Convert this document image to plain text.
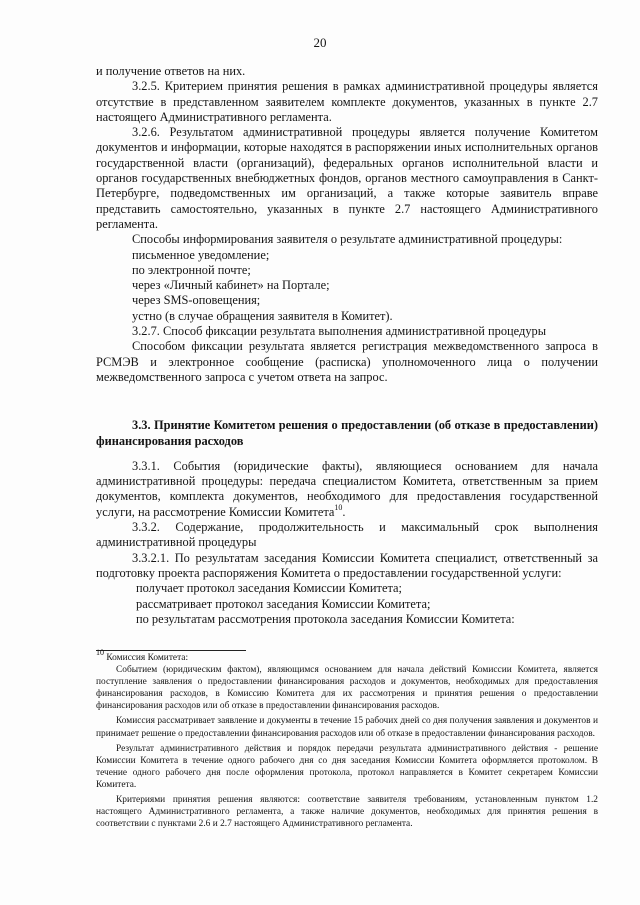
20

и получение ответов на них.

3.2.5. Критерием принятия решения в рамках административной процедуры является отсутствие в представленном заявителем комплекте документов, указанных в пункте 2.7 настоящего Административного регламента.

3.2.6. Результатом административной процедуры является получение Комитетом документов и информации, которые находятся в распоряжении иных исполнительных органов государственной власти (организаций), федеральных органов исполнительной власти и органов государственных внебюджетных фондов, органов местного самоуправления в Санкт-Петербурге, подведомственных им организаций, а также которые заявитель вправе представить самостоятельно, указанных в пункте 2.7 настоящего Административного регламента.

Способы информирования заявителя о результате административной процедуры:

письменное уведомление;

по электронной почте;

через «Личный кабинет» на Портале;

через SMS-оповещения;

устно (в случае обращения заявителя в Комитет).

3.2.7. Способ фиксации результата выполнения административной процедуры

Способом фиксации результата является регистрация межведомственного запроса в РСМЭВ и электронное сообщение (расписка) уполномоченного лица о получении межведомственного запроса с учетом ответа на запрос.

3.3. Принятие Комитетом решения о предоставлении (об отказе в предоставлении) финансирования расходов

3.3.1. События (юридические факты), являющиеся основанием для начала административной процедуры: передача специалистом Комитета, ответственным за прием документов, комплекта документов, необходимого для предоставления государственной услуги, на рассмотрение Комиссии Комитета$^{10}$.

3.3.2. Содержание, продолжительность и максимальный срок выполнения административной процедуры

3.3.2.1. По результатам заседания Комиссии Комитета специалист, ответственный за подготовку проекта распоряжения Комитета о предоставлении государственной услуги:

получает протокол заседания Комиссии Комитета;

рассматривает протокол заседания Комиссии Комитета;

по результатам рассмотрения протокола заседания Комиссии Комитета:

$^{10}$ Комиссия Комитета:

Событием (юридическим фактом), являющимся основанием для начала действий Комиссии Комитета, является поступление заявления о предоставлении финансирования расходов и документов, необходимых для предоставления финансирования расходов, в Комиссию Комитета для их рассмотрения и принятия решения о предоставлении финансирования расходов или об отказе в предоставлении финансирования расходов.

Комиссия рассматривает заявление и документы в течение 15 рабочих дней со дня получения заявления и документов и принимает решение о предоставлении финансирования расходов или об отказе в предоставлении финансирования расходов.

Результат административного действия и порядок передачи результата административного действия - решение Комиссии Комитета в течение одного рабочего дня со дня заседания Комиссии Комитета оформляется протоколом. В течение одного рабочего дня после оформления протокола, протокол направляется в Комитет секретарем Комиссии Комитета.

Критериями принятия решения являются: соответствие заявителя требованиям, установленным пунктом 1.2 настоящего Административного регламента, а также наличие документов, необходимых для принятия решения в соответствии с пунктами 2.6 и 2.7 настоящего Административного регламента.
